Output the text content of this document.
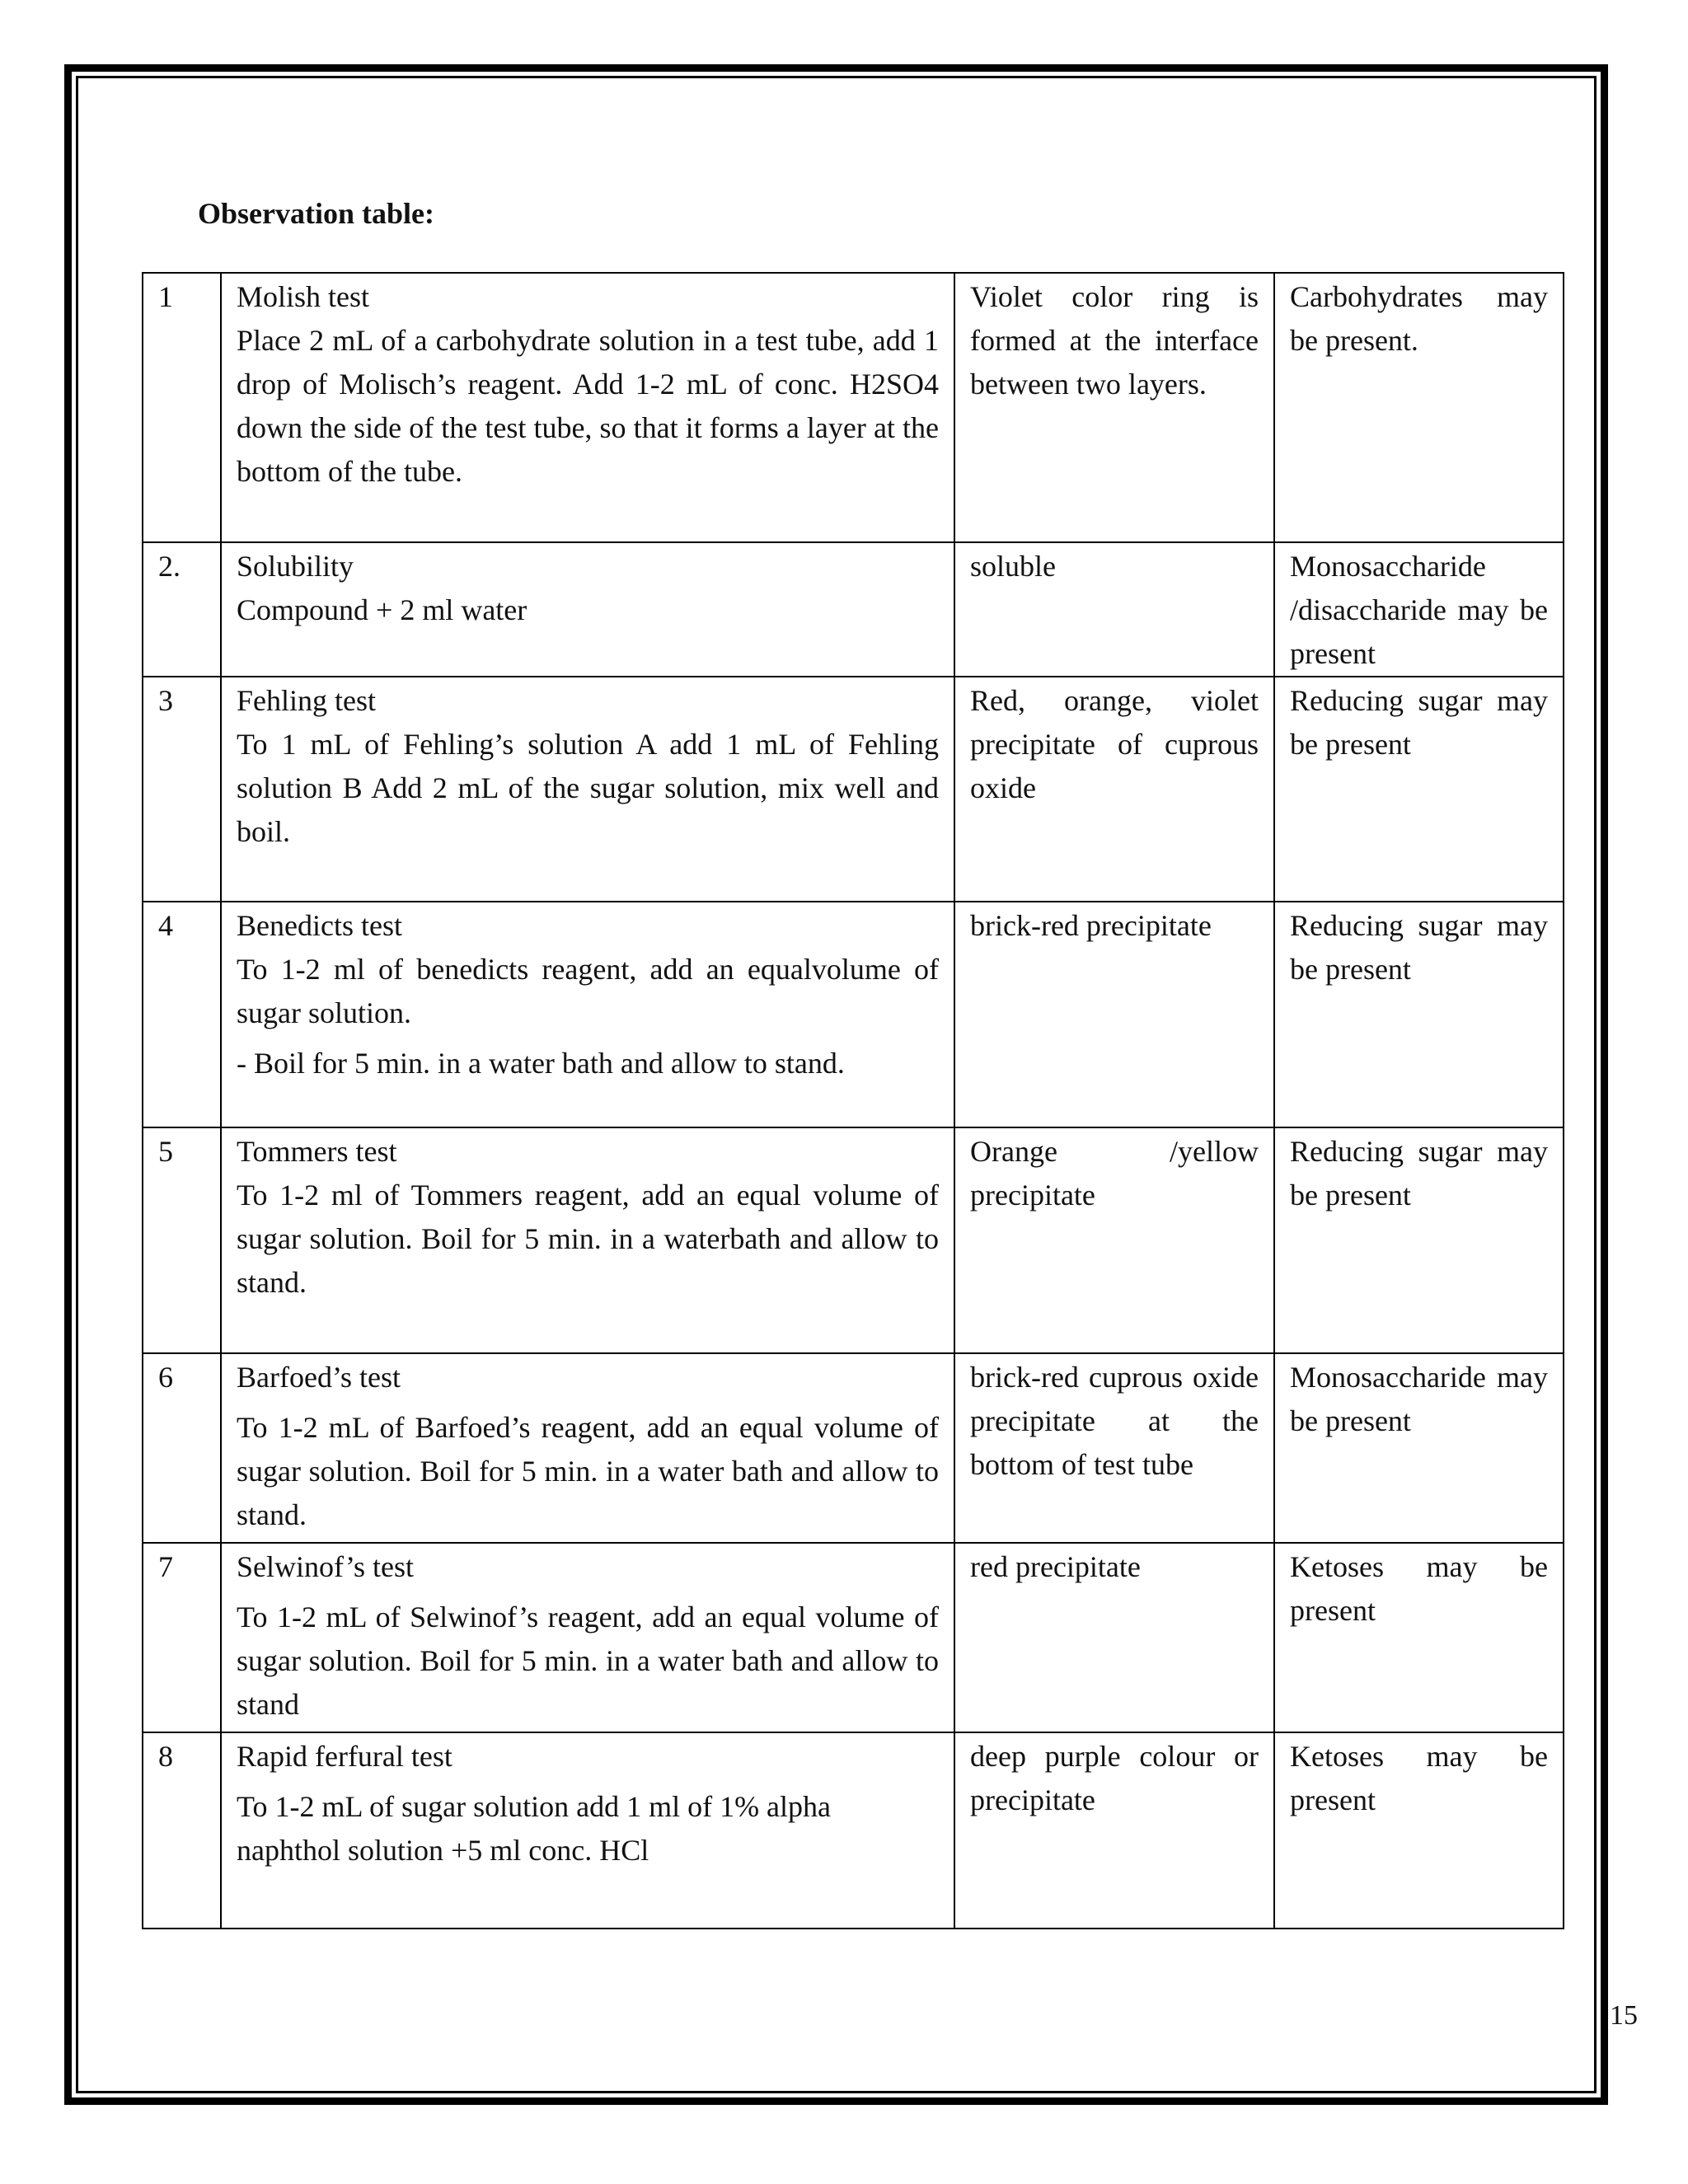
Observation table:
1	Molish test
Place 2 mL of a carbohydrate solution in a test tube, add 1 drop of Molisch’s reagent. Add 1-2 mL of conc. H2SO4 down the side of the test tube, so that it forms a layer at the bottom of the tube.	Violet color ring is formed at the interface between two layers.	Carbohydrates may be present.
2.	Solubility
Compound + 2 ml water	soluble	Monosaccharide /disaccharide may be present
3	Fehling test
To 1 mL of Fehling’s solution A add 1 mL of Fehling solution B Add 2 mL of the sugar solution, mix well and boil.	Red, orange, violet precipitate of cuprous oxide	Reducing sugar may be present
4	Benedicts test
To 1-2 ml of benedicts reagent, add an equalvolume of sugar solution.
- Boil for 5 min. in a water bath and allow to stand.	brick-red precipitate	Reducing sugar may be present
5	Tommers test
To 1-2 ml of Tommers reagent, add an equal volume of sugar solution. Boil for 5 min. in a waterbath and allow to stand.	Orange /yellow precipitate	Reducing sugar may be present
6	Barfoed’s test
To 1-2 mL of Barfoed’s reagent, add an equal volume of sugar solution. Boil for 5 min. in a water bath and allow to stand.	brick-red cuprous oxide precipitate at the bottom of test tube	Monosaccharide may be present
7	Selwinof’s test
To 1-2 mL of Selwinof’s reagent, add an equal volume of sugar solution. Boil for 5 min. in a water bath and allow to stand	red precipitate	Ketoses may be present
8	Rapid ferfural test
To 1-2 mL of sugar solution add 1 ml of 1% alpha naphthol solution +5 ml conc. HCl	deep purple colour or precipitate	Ketoses may be present
15
